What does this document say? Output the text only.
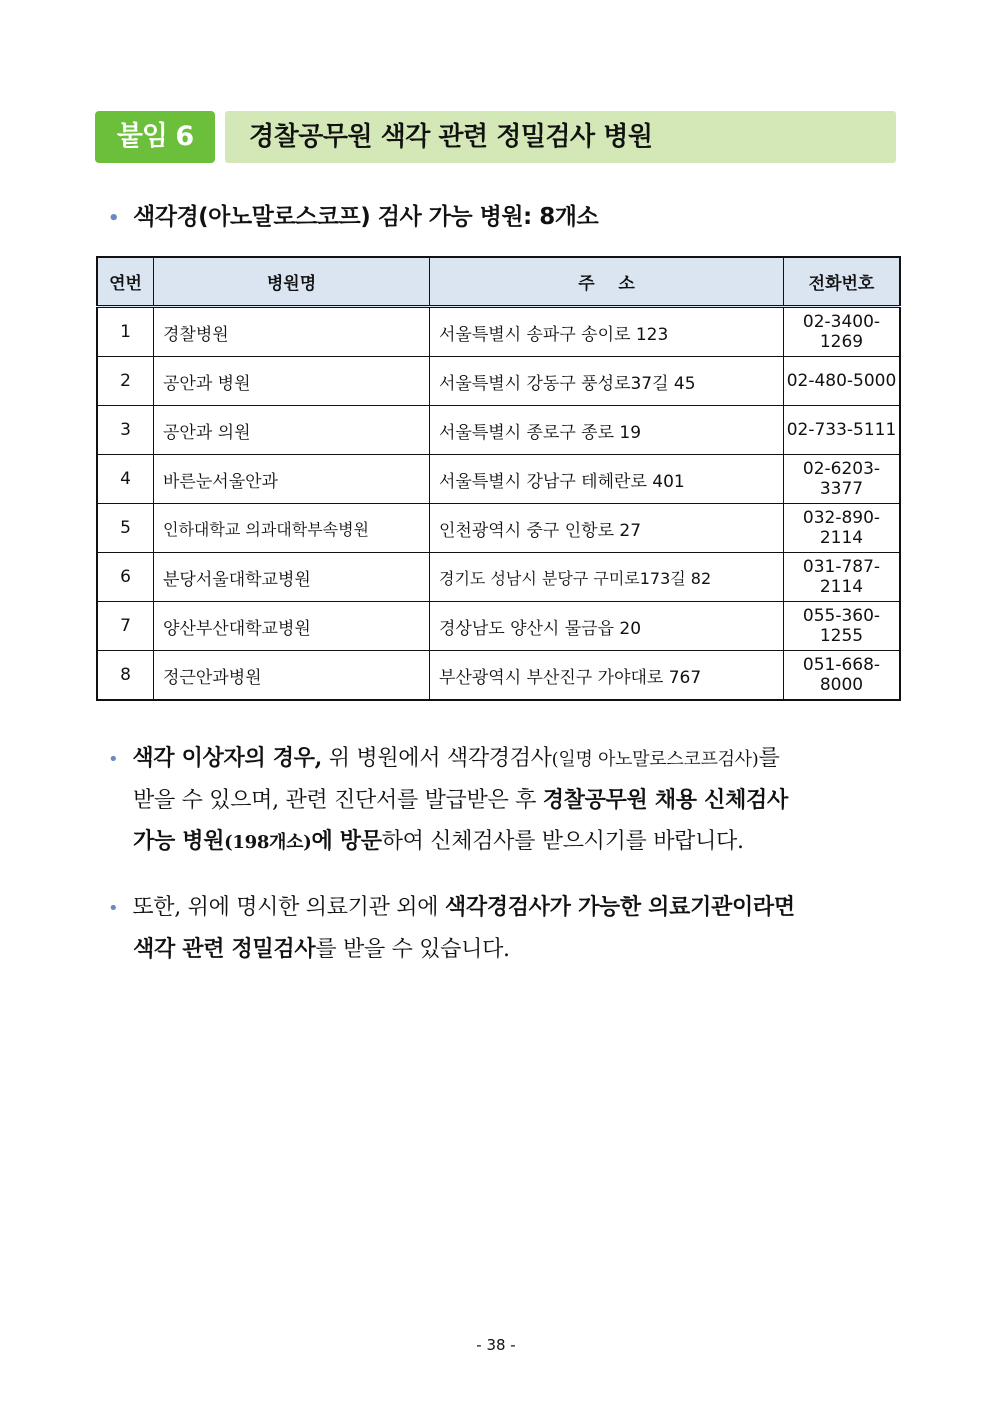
붙임 6	경찰공무원 색각 관련 정밀검사 병원
• 색각경(아노말로스코프) 검사 가능 병원: 8개소
연번	병원명	주    소	전화번호
1	경찰병원	서울특별시 송파구 송이로 123	02-3400-1269
2	공안과 병원	서울특별시 강동구 풍성로37길 45	02-480-5000
3	공안과 의원	서울특별시 종로구 종로 19	02-733-5111
4	바른눈서울안과	서울특별시 강남구 테헤란로 401	02-6203-3377
5	인하대학교 의과대학부속병원	인천광역시 중구 인항로 27	032-890-2114
6	분당서울대학교병원	경기도 성남시 분당구 구미로173길 82	031-787-2114
7	양산부산대학교병원	경상남도 양산시 물금읍 20	055-360-1255
8	정근안과병원	부산광역시 부산진구 가야대로 767	051-668-8000
• 색각 이상자의 경우, 위 병원에서 색각경검사(일명 아노말로스코프검사)를
받을 수 있으며, 관련 진단서를 발급받은 후 경찰공무원 채용 신체검사
가능 병원(198개소)에 방문하여 신체검사를 받으시기를 바랍니다.
• 또한, 위에 명시한 의료기관 외에 색각경검사가 가능한 의료기관이라면
색각 관련 정밀검사를 받을 수 있습니다.
- 38 -
